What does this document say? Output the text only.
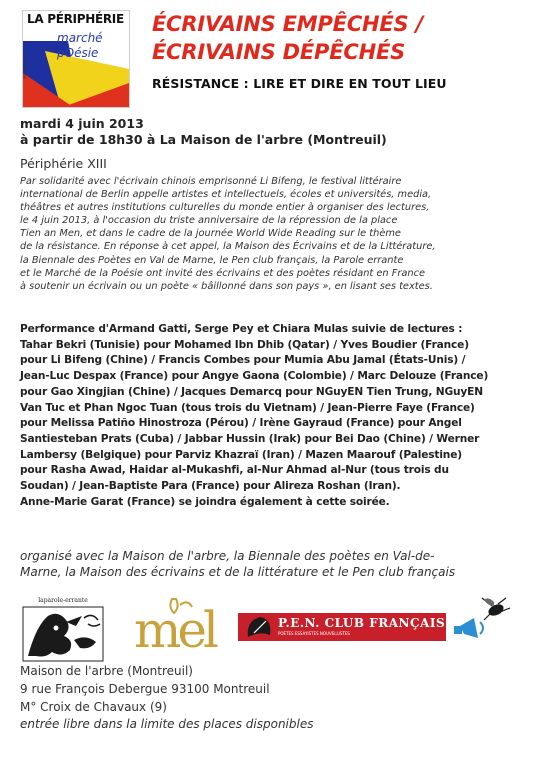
LA PÉRIPHÉRIE
marché
pOésie
Poésie.fr
ÉCRIVAINS EMPÊCHÉS /
ÉCRIVAINS DÉPÊCHÉS
RÉSISTANCE : LIRE ET DIRE EN TOUT LIEU

mardi 4 juin 2013

à partir de 18h30 à La Maison de l'arbre (Montreuil)

Périphérie XIII

Par solidarité avec l'écrivain chinois emprisonné Li Bifeng, le festival littéraire
international de Berlin appelle artistes et intellectuels, écoles et universités, media,
théâtres et autres institutions culturelles du monde entier à organiser des lectures,
le 4 juin 2013, à l'occasion du triste anniversaire de la répression de la place
Tien an Men, et dans le cadre de la journée World Wide Reading sur le thème
de la résistance. En réponse à cet appel, la Maison des Écrivains et de la Littérature,
la Biennale des Poètes en Val de Marne, le Pen club français, la Parole errante
et le Marché de la Poésie ont invité des écrivains et des poètes résidant en France
à soutenir un écrivain ou un poète « bâillonné dans son pays », en lisant ses textes.

Performance d'Armand Gatti, Serge Pey et Chiara Mulas suivie de lectures :
Tahar Bekri (Tunisie) pour Mohamed Ibn Dhib (Qatar) / Yves Boudier (France)
pour Li Bifeng (Chine) / Francis Combes pour Mumia Abu Jamal (États-Unis) /
Jean-Luc Despax (France) pour Angye Gaona (Colombie) / Marc Delouze (France)
pour Gao Xingjian (Chine) / Jacques Demarcq pour NGuyEN Tien Trung, NGuyEN
Van Tuc et Phan Ngoc Tuan (tous trois du Vietnam) / Jean-Pierre Faye (France)
pour Melissa Patiño Hinostroza (Pérou) / Irène Gayraud (France) pour Angel
Santiesteban Prats (Cuba) / Jabbar Hussin (Irak) pour Bei Dao (Chine) / Werner
Lambersy (Belgique) pour Parviz Khazraï (Iran) / Mazen Maarouf (Palestine)
pour Rasha Awad, Haidar al-Mukashfi, al-Nur Ahmad al-Nur (tous trois du
Soudan) / Jean-Baptiste Para (France) pour Alireza Roshan (Iran).
Anne-Marie Garat (France) se joindra également à cette soirée.

organisé avec la Maison de l'arbre, la Biennale des poètes en Val-de-
Marne, la Maison des écrivains et de la littérature et le Pen club français

laparole-errante
mel	P.E.N. CLUB FRANÇAIS
POÈTES ESSAYISTES NOUVELLISTES

Maison de l'arbre (Montreuil)

9 rue François Debergue 93100 Montreuil

M° Croix de Chavaux (9)

entrée libre dans la limite des places disponibles
